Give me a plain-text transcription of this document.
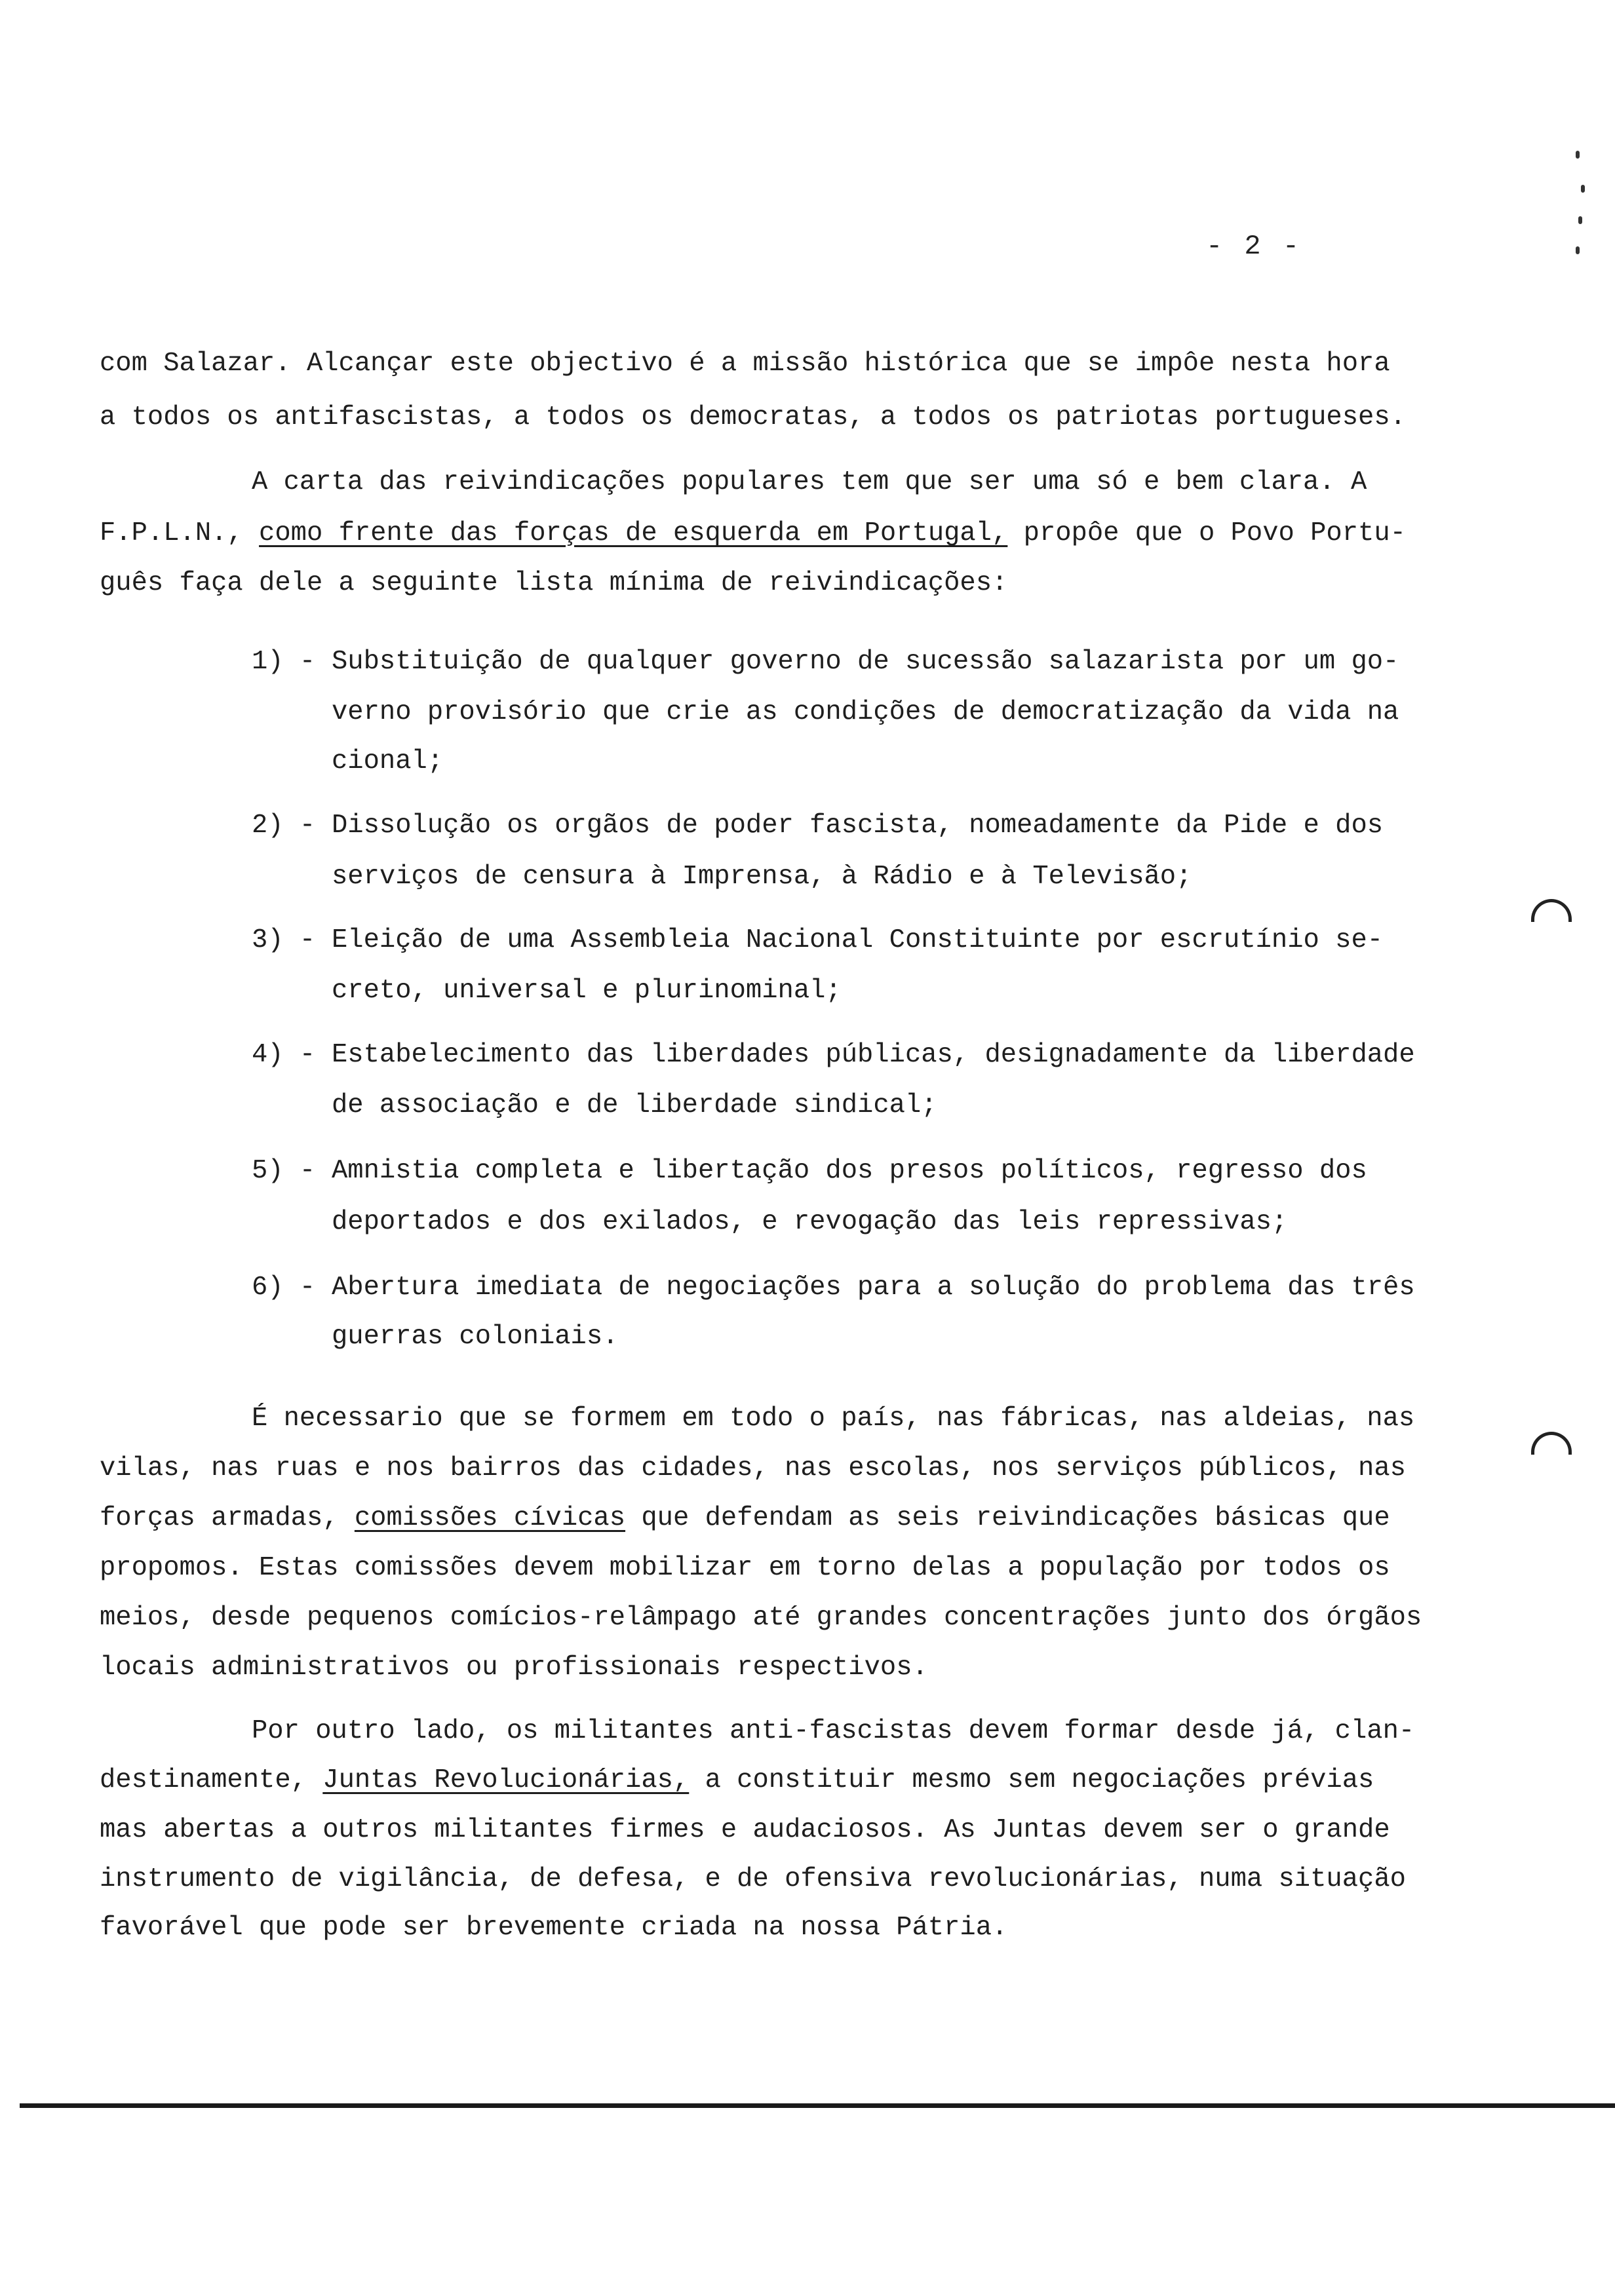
- 2 -
com Salazar. Alcançar este objectivo é a missão histórica que se impôe nesta hora
a todos os antifascistas, a todos os democratas, a todos os patriotas portugueses.
A carta das reivindicações populares tem que ser uma só e bem clara. A
F.P.L.N., como frente das forças de esquerda em Portugal, propôe que o Povo Portu-
guês faça dele a seguinte lista mínima de reivindicações:
1) - Substituição de qualquer governo de sucessão salazarista por um go-
verno provisório que crie as condições de democratização da vida na
cional;
2) - Dissolução os orgãos de poder fascista, nomeadamente da Pide e dos
serviços de censura à Imprensa, à Rádio e à Televisão;
3) - Eleição de uma Assembleia Nacional Constituinte por escrutínio se-
creto, universal e plurinominal;
4) - Estabelecimento das liberdades públicas, designadamente da liberdade
de associação e de liberdade sindical;
5) - Amnistia completa e libertação dos presos políticos, regresso dos
deportados e dos exilados, e revogação das leis repressivas;
6) - Abertura imediata de negociações para a solução do problema das três
guerras coloniais.
É necessario que se formem em todo o país, nas fábricas, nas aldeias, nas
vilas, nas ruas e nos bairros das cidades, nas escolas, nos serviços públicos, nas
forças armadas, comissões cívicas que defendam as seis reivindicações básicas que
propomos. Estas comissões devem mobilizar em torno delas a população por todos os
meios, desde pequenos comícios-relâmpago até grandes concentrações junto dos órgãos
locais administrativos ou profissionais respectivos.
Por outro lado, os militantes anti-fascistas devem formar desde já, clan-
destinamente, Juntas Revolucionárias, a constituir mesmo sem negociações prévias
mas abertas a outros militantes firmes e audaciosos. As Juntas devem ser o grande
instrumento de vigilância, de defesa, e de ofensiva revolucionárias, numa situação
favorável que pode ser brevemente criada na nossa Pátria.
